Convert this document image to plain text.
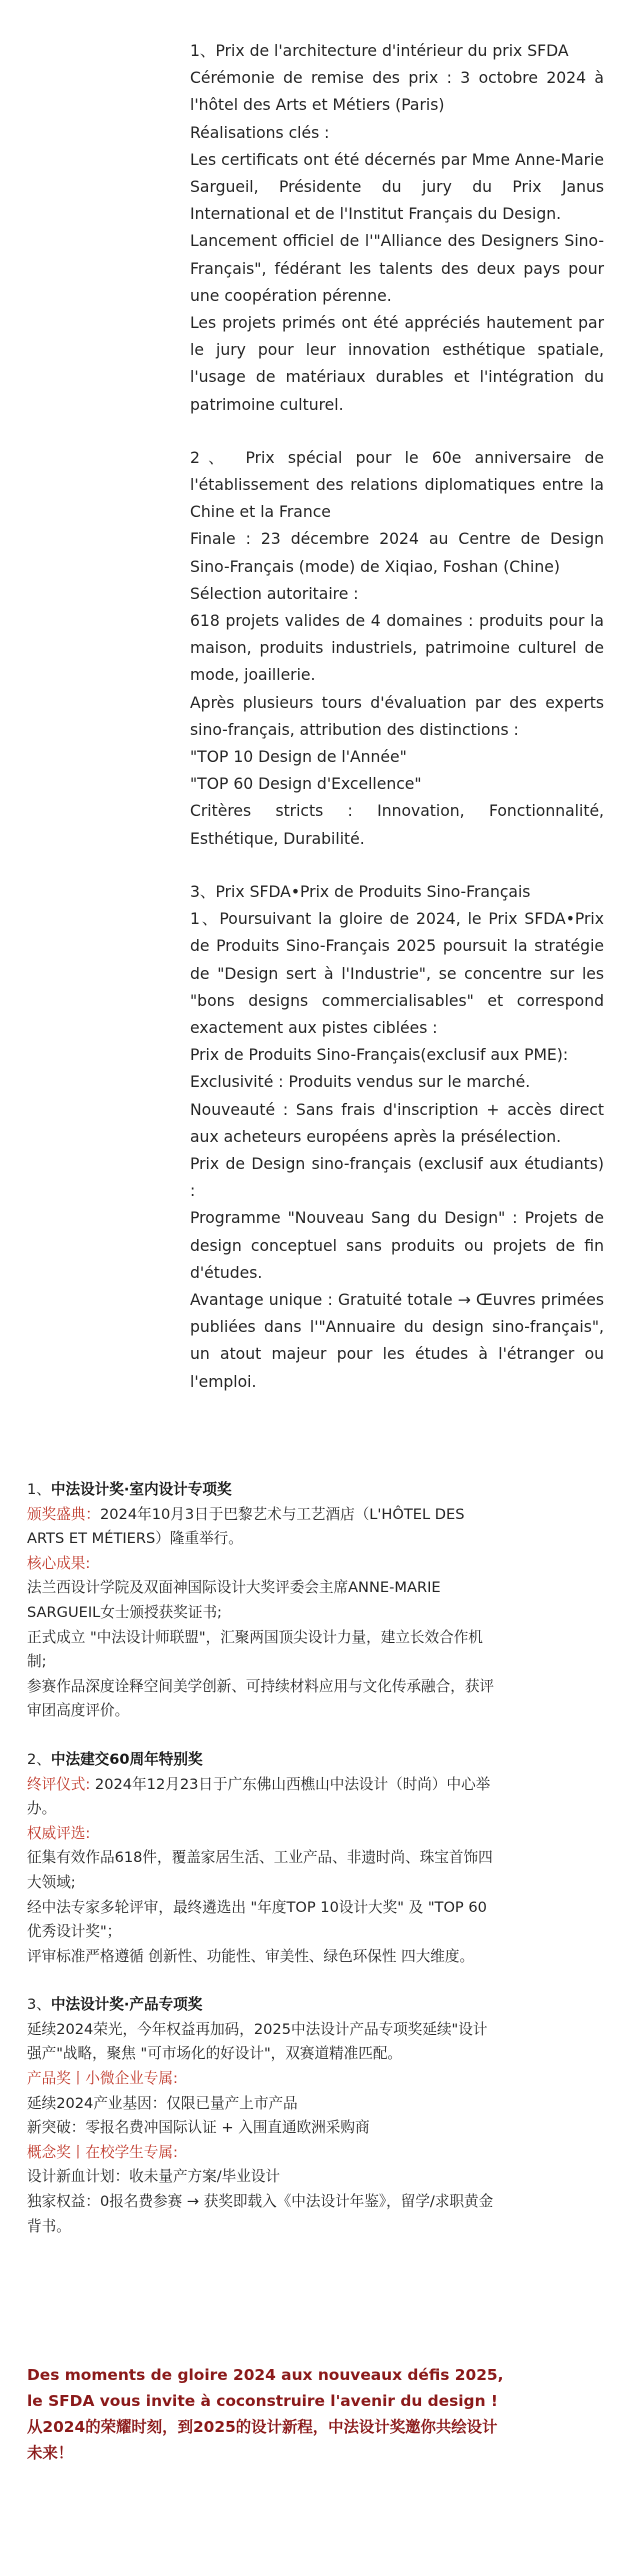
1、Prix de l'architecture d'intérieur du prix SFDA

Cérémonie de remise des prix : 3 octobre 2024 à l'hôtel des Arts et Métiers (Paris)

Réalisations clés :

Les certificats ont été décernés par Mme Anne-Marie Sargueil, Présidente du jury du Prix Janus International et de l'Institut Français du Design.

Lancement officiel de l'"Alliance des Designers Sino-Français", fédérant les talents des deux pays pour une coopération pérenne.

Les projets primés ont été appréciés hautement par le jury pour leur innovation esthétique spatiale, l'usage de matériaux durables et l'intégration du patrimoine culturel.

2、 Prix spécial pour le 60e anniversaire de l'établissement des relations diplomatiques entre la Chine et la France

Finale : 23 décembre 2024 au Centre de Design Sino-Français (mode) de Xiqiao, Foshan (Chine)

Sélection autoritaire :

618 projets valides de 4 domaines : produits pour la maison, produits industriels, patrimoine culturel de mode, joaillerie.

Après plusieurs tours d'évaluation par des experts sino-français, attribution des distinctions :

"TOP 10 Design de l'Année"

"TOP 60 Design d'Excellence"

Critères stricts : Innovation, Fonctionnalité, Esthétique, Durabilité.

3、Prix SFDA•Prix de Produits Sino-Français

1、Poursuivant la gloire de 2024, le Prix SFDA•Prix de Produits Sino-Français 2025 poursuit la stratégie de "Design sert à l'Industrie", se concentre sur les "bons designs commercialisables" et correspond exactement aux pistes ciblées :

Prix de Produits Sino-Français(exclusif aux PME):

Exclusivité : Produits vendus sur le marché.

Nouveauté : Sans frais d'inscription + accès direct aux acheteurs européens après la présélection.

Prix de Design sino-français (exclusif aux étudiants) :

Programme "Nouveau Sang du Design" : Projets de design conceptuel sans produits ou projets de fin d'études.

Avantage unique : Gratuité totale → Œuvres primées publiées dans l'"Annuaire du design sino-français", un atout majeur pour les études à l'étranger ou l'emploi.

1、中法设计奖·室内设计专项奖

颁奖盛典：2024年10月3日于巴黎艺术与工艺酒店（L'HÔTEL DES ARTS ET MÉTIERS）隆重举行。

核心成果:

法兰西设计学院及双面神国际设计大奖评委会主席ANNE-MARIE SARGUEIL女士颁授获奖证书;

正式成立 "中法设计师联盟"，汇聚两国顶尖设计力量，建立长效合作机制;

参赛作品深度诠释空间美学创新、可持续材料应用与文化传承融合，获评审团高度评价。

2、中法建交60周年特别奖

终评仪式: 2024年12月23日于广东佛山西樵山中法设计（时尚）中心举办。

权威评选:

征集有效作品618件，覆盖家居生活、工业产品、非遗时尚、珠宝首饰四大领域;

经中法专家多轮评审，最终遴选出 "年度TOP 10设计大奖" 及 "TOP 60优秀设计奖"；

评审标准严格遵循 创新性、功能性、审美性、绿色环保性 四大维度。

3、中法设计奖·产品专项奖

延续2024荣光，今年权益再加码，2025中法设计产品专项奖延续"设计强产"战略，聚焦 "可市场化的好设计"，双赛道精准匹配。

产品奖丨小微企业专属:

延续2024产业基因：仅限已量产上市产品

新突破：零报名费冲国际认证 + 入围直通欧洲采购商

概念奖丨在校学生专属:

设计新血计划：收未量产方案/毕业设计

独家权益：0报名费参赛 → 获奖即载入《中法设计年鉴》，留学/求职黄金背书。

Des moments de gloire 2024 aux nouveaux défis 2025, le SFDA vous invite à coconstruire l'avenir du design !

从2024的荣耀时刻，到2025的设计新程，中法设计奖邀你共绘设计未来！
